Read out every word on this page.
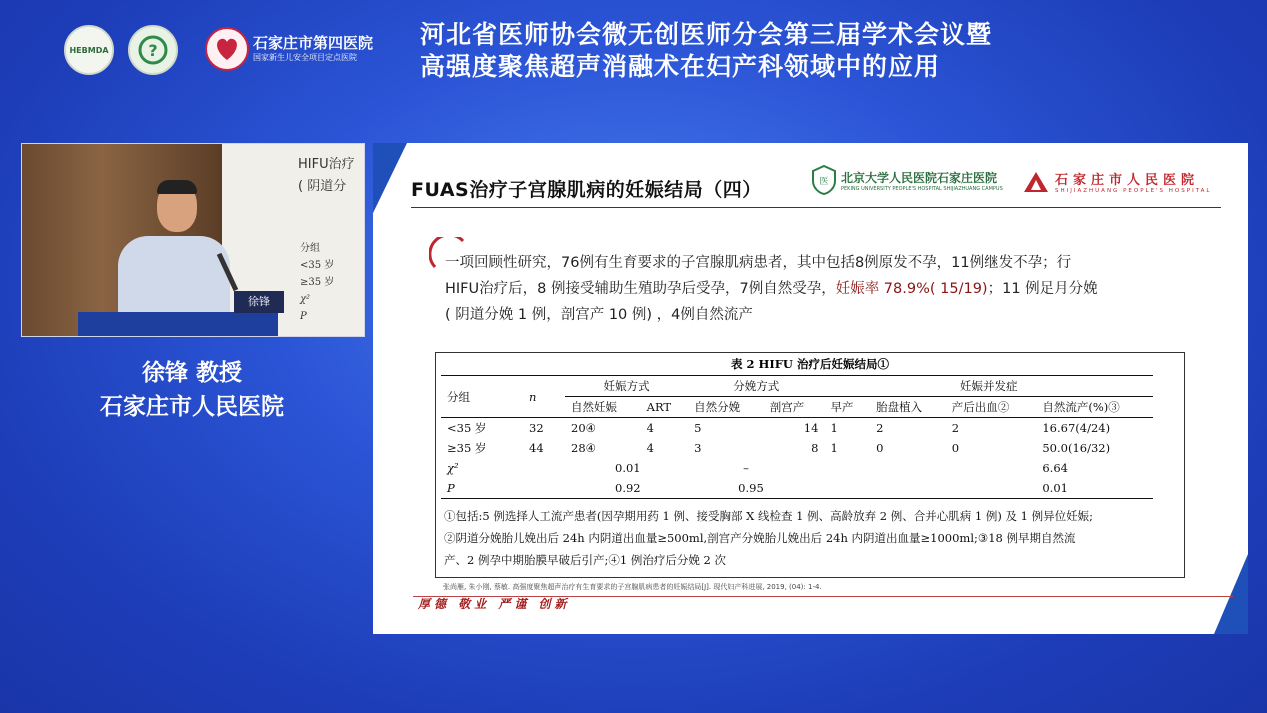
HEBMDA ?	石家庄市第四医院
国家新生儿安全项目定点医院
河北省医师协会微无创医师分会第三届学术会议暨
高强度聚焦超声消融术在妇产科领域中的应用
HIFU治疗
( 阴道分
分组
<35 岁
≥35 岁
χ²
P
徐锋
徐锋 教授
石家庄市人民医院
FUAS治疗子宫腺肌病的妊娠结局（四）	医 北京大学人民医院石家庄医院
PEKING UNIVERSITY PEOPLE'S HOSPITAL SHIJIAZHUANG CAMPUS
石家庄市人民医院
SHIJIAZHUANG PEOPLE'S HOSPITAL
一项回顾性研究，76例有生育要求的子宫腺肌病患者，其中包括8例原发不孕，11例继发不孕；行
HIFU治疗后，8 例接受辅助生殖助孕后受孕，7例自然受孕，妊娠率 78.9%( 15/19)；11 例足月分娩
( 阴道分娩 1 例，剖宫产 10 例) ，4例自然流产
表 2 HIFU 治疗后妊娠结局①
分组	n	妊娠方式		分娩方式		妊娠并发症			
		自然妊娠	ART	自然分娩	剖宫产	早产	胎盘植入	产后出血②	自然流产(%)③
<35 岁	32	20④	4	5	14	1	2	2	16.67(4/24)
≥35 岁	44	28④	4	3	8	1	0	0	50.0(16/32)
χ²		0.01		–					6.64
P		0.92		0.95					0.01
①包括:5 例选择人工流产患者(因孕期用药 1 例、接受胸部 X 线检查 1 例、高龄放弃 2 例、合并心肌病 1 例) 及 1 例异位妊娠;
②阴道分娩胎儿娩出后 24h 内阴道出血量≥500ml,剖宫产分娩胎儿娩出后 24h 内阴道出血量≥1000ml;③18 例早期自然流
产、2 例孕中期胎膜早破后引产;④1 例治疗后分娩 2 次
张尚雁, 朱小刚, 蔡敏. 高强度聚焦超声治疗有生育要求的子宫腺肌病患者的妊娠结局[J]. 现代妇产科进展, 2019, (04): 1-4.
厚德 敬业 严谨 创新
